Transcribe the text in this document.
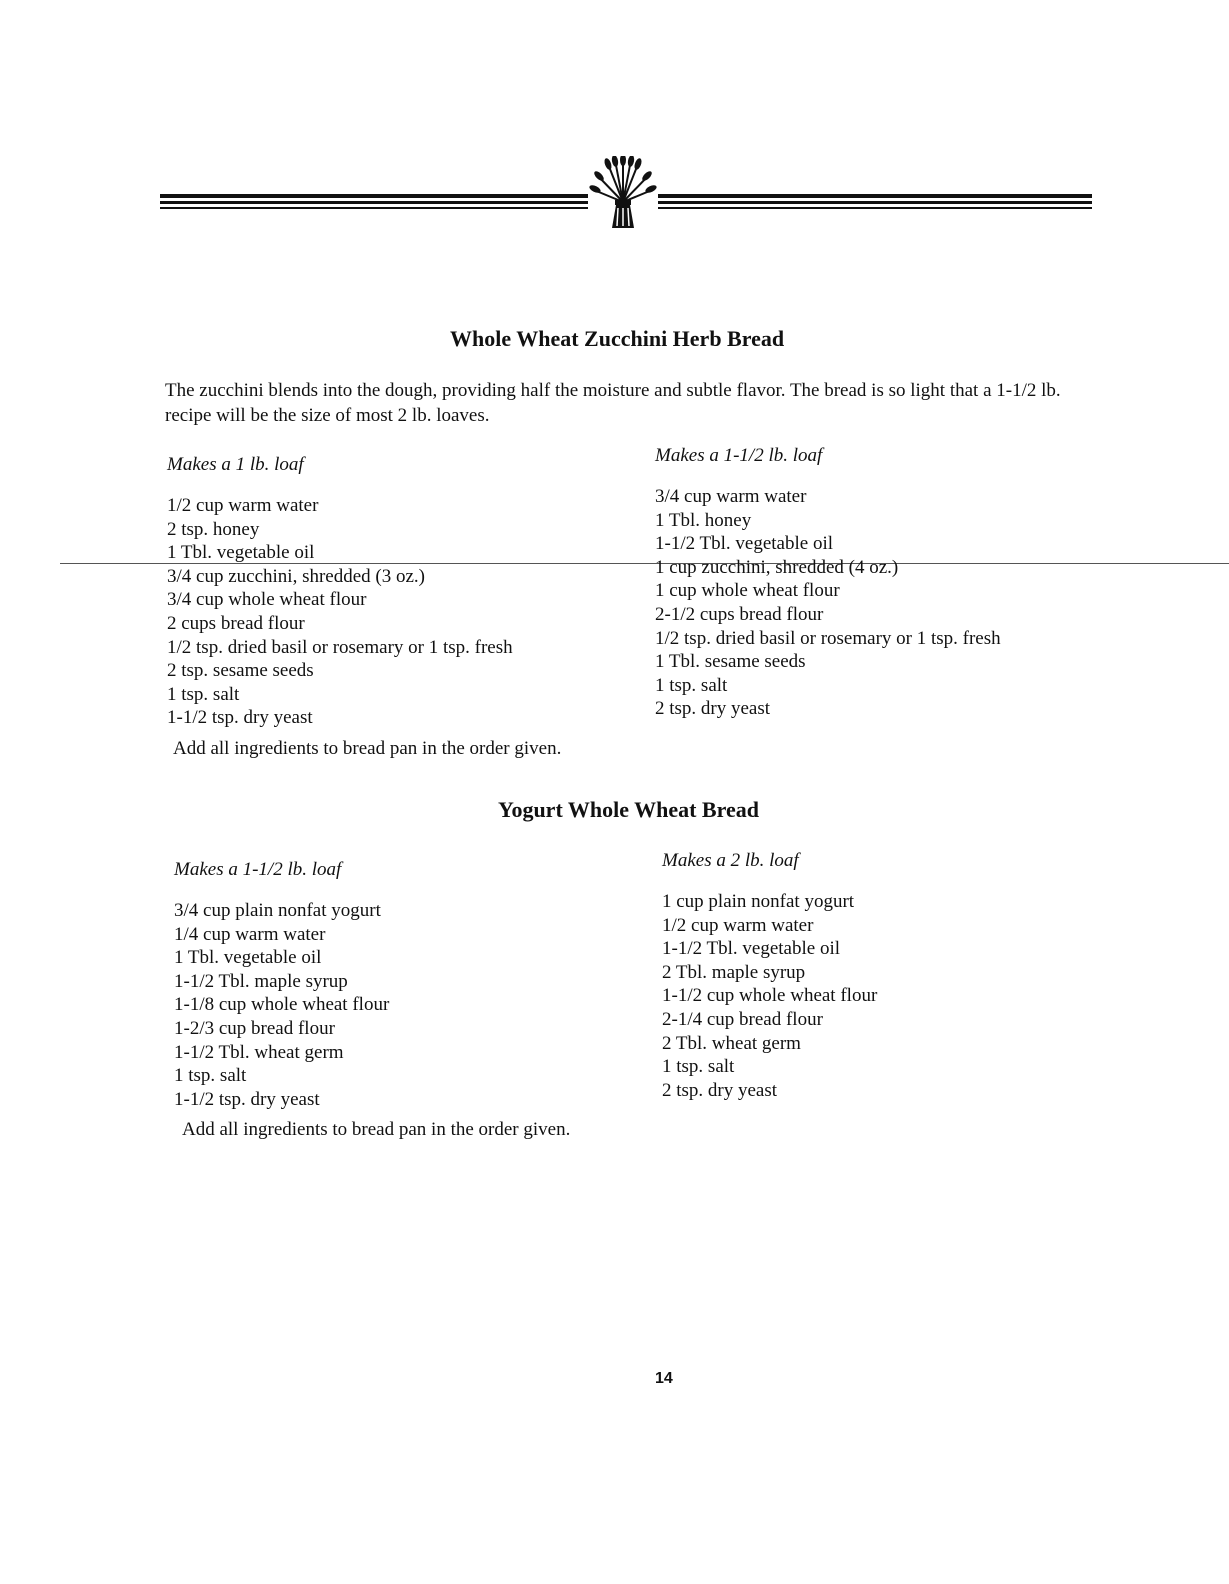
Whole Wheat Zucchini Herb Bread

The zucchini blends into the dough, providing half the moisture and subtle flavor. The bread is so light that a 1-1/2 lb. recipe will be the size of most 2 lb. loaves.

Makes a 1 lb. loaf

1/2 cup warm water
2 tsp. honey
1 Tbl. vegetable oil
3/4 cup zucchini, shredded (3 oz.)
3/4 cup whole wheat flour
2 cups bread flour
1/2 tsp. dried basil or rosemary or 1 tsp. fresh
2 tsp. sesame seeds
1 tsp. salt
1-1/2 tsp. dry yeast

Makes a 1-1/2 lb. loaf

3/4 cup warm water
1 Tbl. honey
1-1/2 Tbl. vegetable oil
1 cup zucchini, shredded (4 oz.)
1 cup whole wheat flour
2-1/2 cups bread flour
1/2 tsp. dried basil or rosemary or 1 tsp. fresh
1 Tbl. sesame seeds
1 tsp. salt
2 tsp. dry yeast

Add all ingredients to bread pan in the order given.

Yogurt Whole Wheat Bread

Makes a 1-1/2 lb. loaf

3/4 cup plain nonfat yogurt
1/4 cup warm water
1 Tbl. vegetable oil
1-1/2 Tbl. maple syrup
1-1/8 cup whole wheat flour
1-2/3 cup bread flour
1-1/2 Tbl. wheat germ
1 tsp. salt
1-1/2 tsp. dry yeast

Makes a 2 lb. loaf

1 cup plain nonfat yogurt
1/2 cup warm water
1-1/2 Tbl. vegetable oil
2 Tbl. maple syrup
1-1/2 cup whole wheat flour
2-1/4 cup bread flour
2 Tbl. wheat germ
1 tsp. salt
2 tsp. dry yeast

Add all ingredients to bread pan in the order given.

14
